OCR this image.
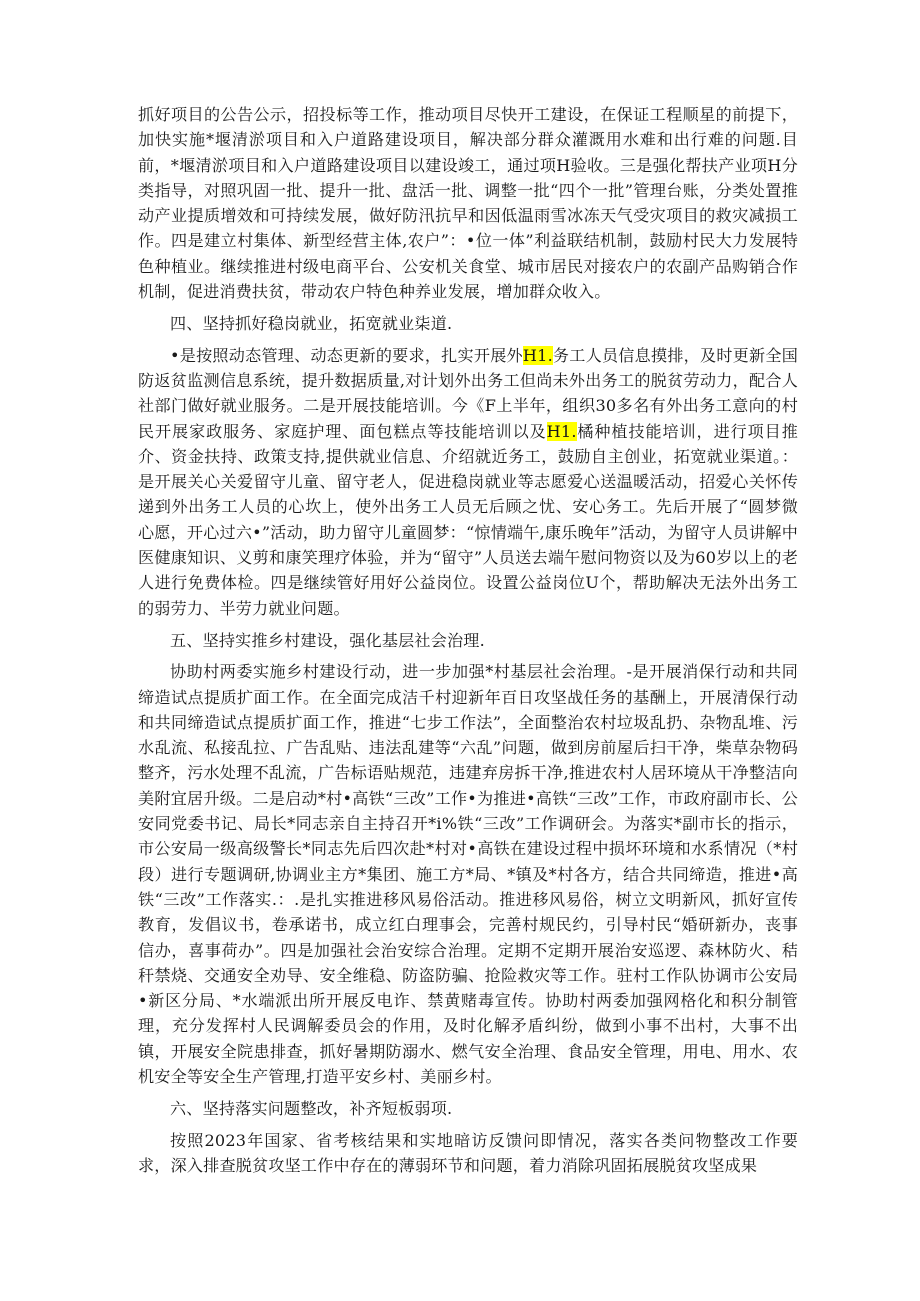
抓好项目的公告公示，招投标等工作，推动项目尽快开工建设，在保证工程顺星的前提下，加快实施*堰清淤项目和入户道路建设项目，解决部分群众灌溉用水难和出行难的问题.目前，*堰清淤项目和入户道路建设项目以建设竣工，通过项H验收。三是强化帮扶产业项H分类指导，对照巩固一批、提升一批、盘活一批、调整一批“四个一批”管理台账，分类处置推动产业提质增效和可持续发展，做好防汛抗早和因低温雨雪冰冻天气受灾项目的救灾减损工作。四是建立村集体、新型经营主体,农户”：•位一体”利益联结机制，鼓励村民大力发展特色种植业。继续推进村级电商平台、公安机关食堂、城市居民对接农户的农副产品购销合作机制，促进消费扶贫，带动农户特色种养业发展，增加群众收入。

四、坚持抓好稳岗就业，拓宽就业柒道.

•是按照动态管理、动态更新的要求，扎实开展外H1.务工人员信息摸排，及时更新全国防返贫监测信息系统，提升数据质量,对计划外出务工但尚未外出务工的脱贫劳动力，配合人社部门做好就业服务。二是开展技能培训。今《F上半年，组织30多名有外出务工意向的村民开展家政服务、家庭护理、面包糕点等技能培训以及H1.橘种植技能培训，进行项目推介、资金扶持、政策支持,提供就业信息、介绍就近务工，鼓励自主创业，拓宽就业渠道。：是开展关心关爱留守儿童、留守老人，促进稳岗就业等志愿爱心送温暖活动，招爱心关怀传递到外出务工人员的心坎上，使外出务工人员无后顾之忧、安心务工。先后开展了“圆梦微心愿，开心过六•”活动，助力留守儿童圆梦：“惊情端午,康乐晚年”活动，为留守人员讲解中医健康知识、义剪和康笑理疗体验，并为“留守”人员送去端午慰问物资以及为60岁以上的老人进行免费体检。四是继续管好用好公益岗位。设置公益岗位U个，帮助解决无法外出务工的弱劳力、半劳力就业问题。

五、坚持实推乡村建设，强化基层社会治理.

协助村两委实施乡村建设行动，进一步加强*村基层社会治理。-是开展消保行动和共同缔造试点提质扩面工作。在全面完成洁千村迎新年百日攻坚战任务的基酬上，开展清保行动和共同缔造试点提质扩面工作，推进“七步工作法”，全面整治农村垃圾乱扔、杂物乱堆、污水乱流、私接乱拉、广告乱贴、违法乱建等“六乱”问题，做到房前屋后扫干净，柴草杂物码整齐，污水处理不乱流，广告标语贴规范，违建弃房拆干净,推进农村人居环境从干净整洁向美附宜居升级。二是启动*村•高铁“三改”工作•为推进•高铁“三改”工作，市政府副市长、公安同党委书记、局长*同志亲自主持召开*i%铁“三改”工作调研会。为落实*副市长的指示，市公安局一级高级警长*同志先后四次赴*村对•高铁在建设过程中损坏环境和水系情况（*村段）进行专题调研,协调业主方*集团、施工方*局、*镇及*村各方，结合共同缔造，推进•高铁“三改”工作落实.：.是扎实推进移风易俗活动。推进移风易俗，树立文明新风，抓好宣传教育，发倡议书，卷承诺书，成立红白理事会，完善村规民约，引导村民“婚研新办，丧事信办，喜事荷办”。四是加强社会治安综合治理。定期不定期开展治安巡逻、森林防火、秸秆禁烧、交通安全劝导、安全维稳、防盗防骗、抢险救灾等工作。驻村工作队协调市公安局•新区分局、*水端派出所开展反电诈、禁黄赌毒宣传。协助村两委加强网格化和积分制管理，充分发挥村人民调解委员会的作用，及时化解矛盾纠纷，做到小事不出村，大事不出镇，开展安全院患排查，抓好暑期防溺水、燃气安全治理、食品安全管理，用电、用水、农机安全等安全生产管理,打造平安乡村、美丽乡村。

六、坚持落实问题整改，补齐短板弱项.

按照2023年国家、省考核结果和实地暗访反馈问即情况，落实各类问物整改工作要求，深入排查脱贫攻坚工作中存在的薄弱环节和问题，着力消除巩固拓展脱贫攻坚成果
